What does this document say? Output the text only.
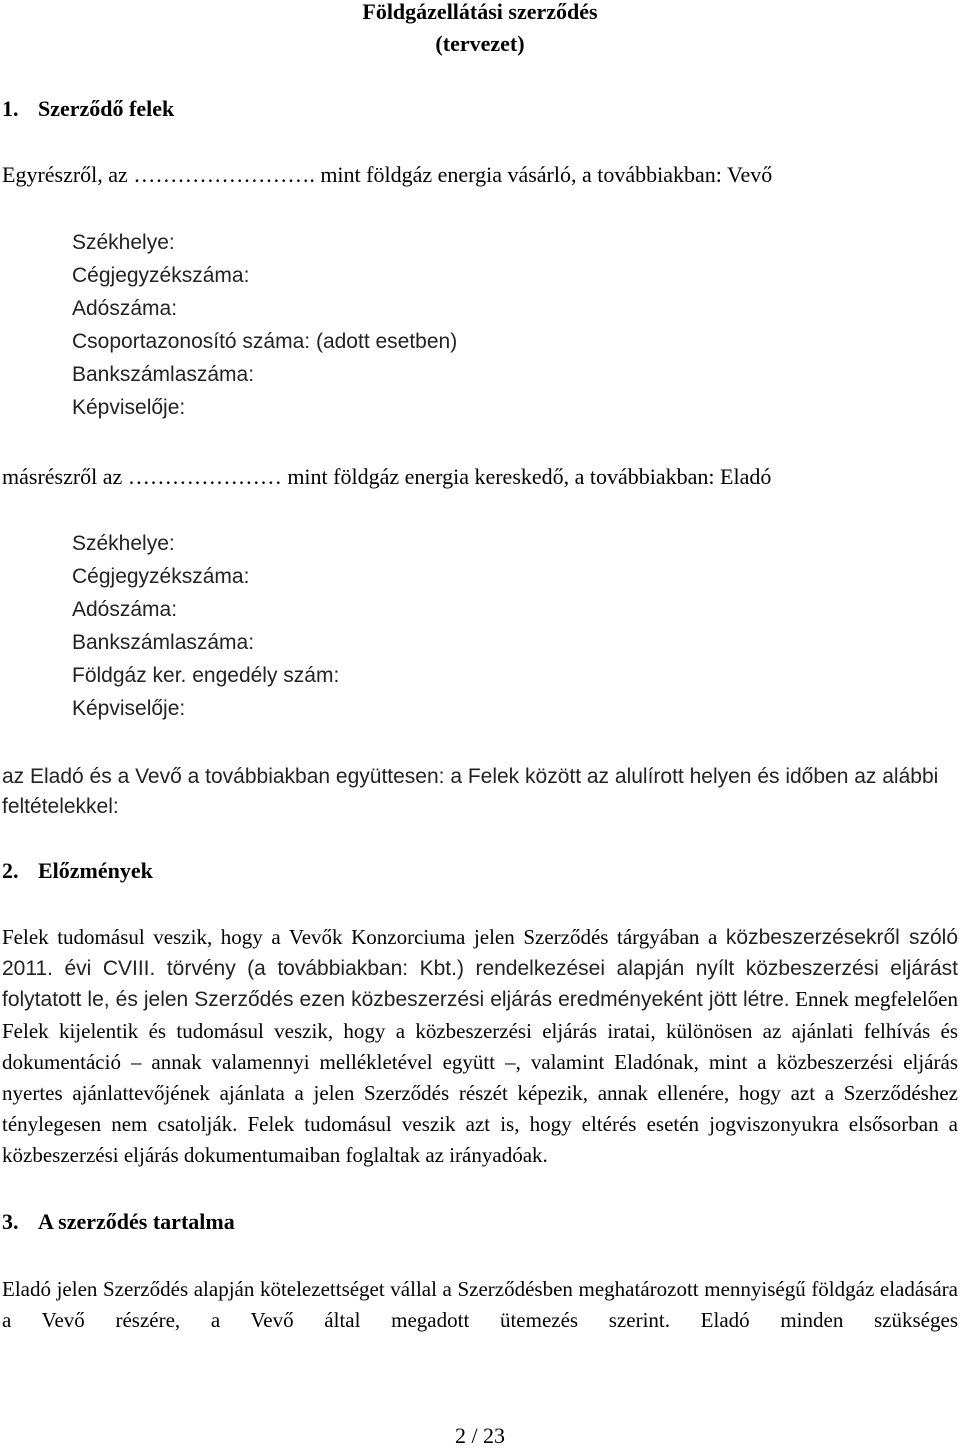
Földgázellátási szerződés
(tervezet)
1. Szerződő felek
Egyrészről, az ……………………. mint földgáz energia vásárló, a továbbiakban: Vevő
Székhelye:
Cégjegyzékszáma:
Adószáma:
Csoportazonosító száma: (adott esetben)
Bankszámlaszáma:
Képviselője:
másrészről az ………………… mint földgáz energia kereskedő, a továbbiakban: Eladó
Székhelye:
Cégjegyzékszáma:
Adószáma:
Bankszámlaszáma:
Földgáz ker. engedély szám:
Képviselője:
az Eladó és a Vevő a továbbiakban együttesen: a Felek között az alulírott helyen és időben az alábbi
feltételekkel:
2. Előzmények

Felek tudomásul veszik, hogy a Vevők Konzorciuma jelen Szerződés tárgyában a közbeszerzésekről szóló 2011. évi CVIII. törvény (a továbbiakban: Kbt.) rendelkezései alapján nyílt közbeszerzési eljárást folytatott le, és jelen Szerződés ezen közbeszerzési eljárás eredményeként jött létre. Ennek megfelelően Felek kijelentik és tudomásul veszik, hogy a közbeszerzési eljárás iratai, különösen az ajánlati felhívás és dokumentáció – annak valamennyi mellékletével együtt –, valamint Eladónak, mint a közbeszerzési eljárás nyertes ajánlattevőjének ajánlata a jelen Szerződés részét képezik, annak ellenére, hogy azt a Szerződéshez ténylegesen nem csatolják. Felek tudomásul veszik azt is, hogy eltérés esetén jogviszonyukra elsősorban a közbeszerzési eljárás dokumentumaiban foglaltak az irányadóak.

3. A szerződés tartalma
Eladó jelen Szerződés alapján kötelezettséget vállal a Szerződésben meghatározott mennyiségű földgáz eladására a Vevő részére, a Vevő által megadott ütemezés szerint. Eladó minden szükséges
2 / 23
